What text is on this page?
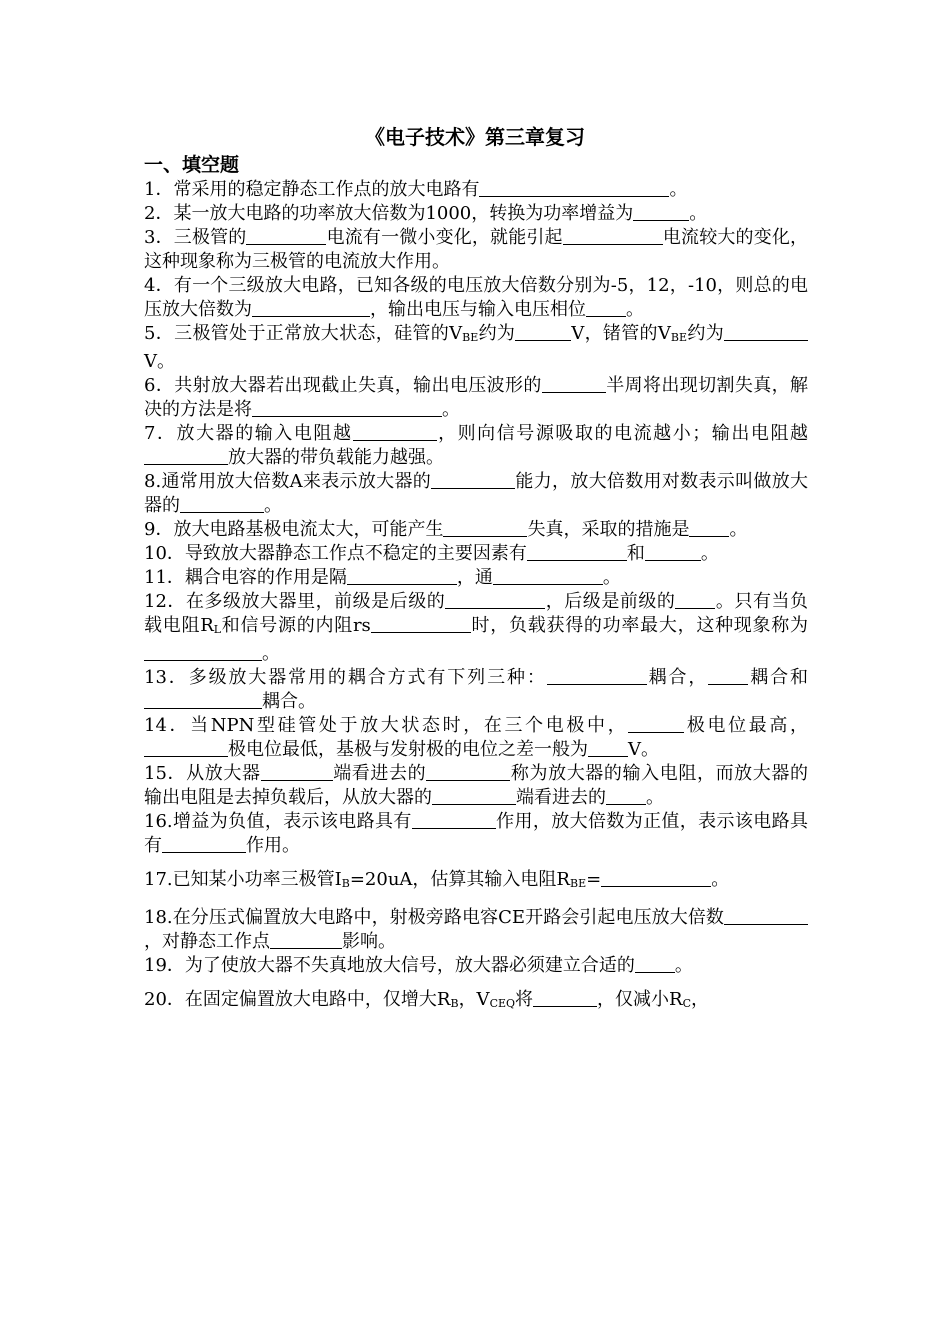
《电子技术》第三章复习
一、填空题

1．常采用的稳定静态工作点的放大电路有	。

2．某一放大电路的功率放大倍数为1000，转换为功率增益为	。

3．三极管的	电流有一微小变化，就能引起	电流较大的变化，这种现象称为三极管的电流放大作用。

4．有一个三级放大电路，已知各级的电压放大倍数分别为-5，12，-10，则总的电压放大倍数为	，输出电压与输入电压相位 。

5．三极管处于正常放大状态，硅管的$V_{BE}$约为	V，锗管的$V_{BE}$约为V。

6．共射放大器若出现截止失真，输出电压波形的	半周将出现切割失真，解决的方法是将	。

7．放大器的输入电阻越	，则向信号源吸取的电流越小；输出电阻越放大器的带负载能力越强。

8.通常用放大倍数A来表示放大器的	能力，放大倍数用对数表示叫做放大器的	。

9．放大电路基极电流太大，可能产生	失真，采取的措施是 。

10．导致放大器静态工作点不稳定的主要因素有	和	。

11．耦合电容的作用是隔	，通	。

12．在多级放大器里，前级是后级的	，后级是前级的 。只有当负载电阻$R_L$和信号源的内阻rs	时，负载获得的功率最大，这种现象称为。

13．多级放大器常用的耦合方式有下列三种：	耦合， 耦合和耦合。

14．当NPN型硅管处于放大状态时，在三个电极中，	极电位最高，极电位最低，基极与发射极的电位之差一般为 V。

15．从放大器	端看进去的	称为放大器的输入电阻，而放大器的输出电阻是去掉负载后，从放大器的	端看进去的 。

16.增益为负值，表示该电路具有	作用，放大倍数为正值，表示该电路具有	作用。

17.已知某小功率三极管$I_B=20uA$，估算其输入电阻$R_{BE}=$	。

18.在分压式偏置放大电路中，射极旁路电容CE开路会引起电压放大倍数，对静态工作点	影响。

19．为了使放大器不失真地放大信号，放大器必须建立合适的 。

20．在固定偏置放大电路中，仅增大$R_B$，$V_{CEQ}$将	，仅减小$R_C$，
